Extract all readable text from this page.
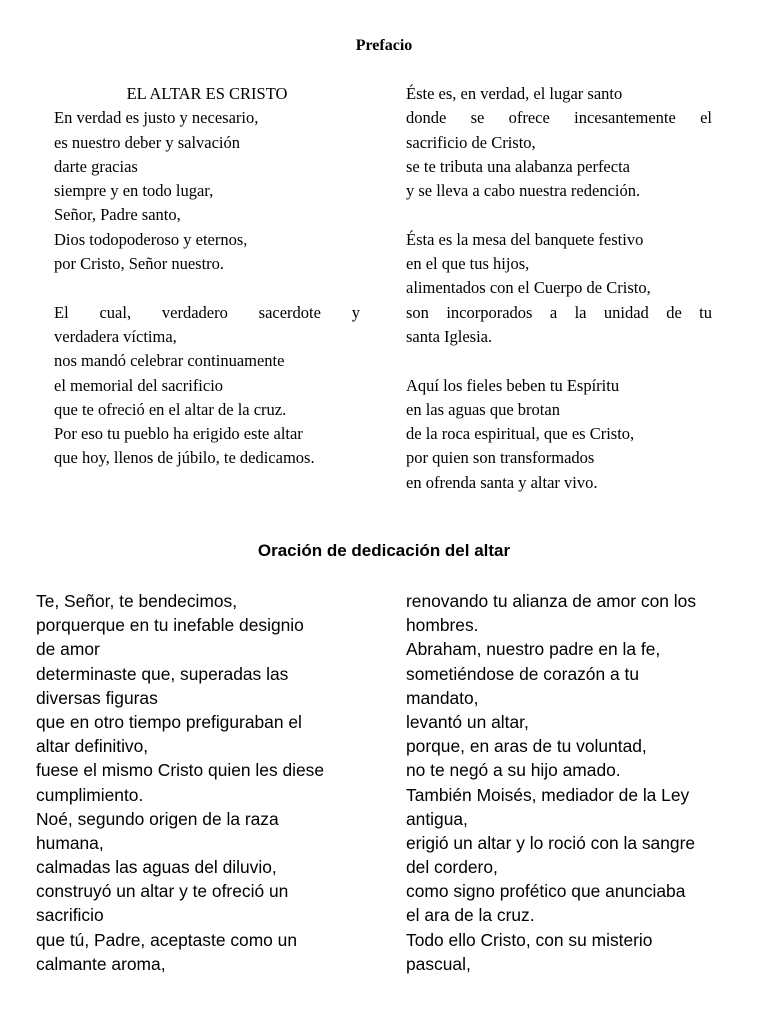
Prefacio
EL ALTAR ES CRISTO
En verdad es justo y necesario,
es nuestro deber y salvación
darte gracias
siempre y en todo lugar,
Señor, Padre santo,
Dios todopoderoso y eternos,
por Cristo, Señor nuestro.
El cual, verdadero sacerdote y
verdadera víctima,
nos mandó celebrar continuamente
el memorial del sacrificio
que te ofreció en el altar de la cruz.
Por eso tu pueblo ha erigido este altar
que hoy, llenos de júbilo, te dedicamos.
Éste es, en verdad, el lugar santo
donde se ofrece incesantemente el
sacrificio de Cristo,
se te tributa una alabanza perfecta
y se lleva a cabo nuestra redención.
Ésta es la mesa del banquete festivo
en el que tus hijos,
alimentados con el Cuerpo de Cristo,
son incorporados a la unidad de tu
santa Iglesia.
Aquí los fieles beben tu Espíritu
en las aguas que brotan
de la roca espiritual, que es Cristo,
por quien son transformados
en ofrenda santa y altar vivo.
Oración de dedicación del altar
Te, Señor, te bendecimos,
porquerque en tu inefable designio
de amor
determinaste que, superadas las
diversas figuras
que en otro tiempo prefiguraban el
altar definitivo,
fuese el mismo Cristo quien les diese
cumplimiento.
Noé, segundo origen de la raza
humana,
calmadas las aguas del diluvio,
construyó un altar y te ofreció un
sacrificio
que tú, Padre, aceptaste como un
calmante aroma,
renovando tu alianza de amor con los
hombres.
Abraham, nuestro padre en la fe,
sometiéndose de corazón a tu
mandato,
levantó un altar,
porque, en aras de tu voluntad,
no te negó a su hijo amado.
También Moisés, mediador de la Ley
antigua,
erigió un altar y lo roció con la sangre
del cordero,
como signo profético que anunciaba
el ara de la cruz.
Todo ello Cristo, con su misterio
pascual,
